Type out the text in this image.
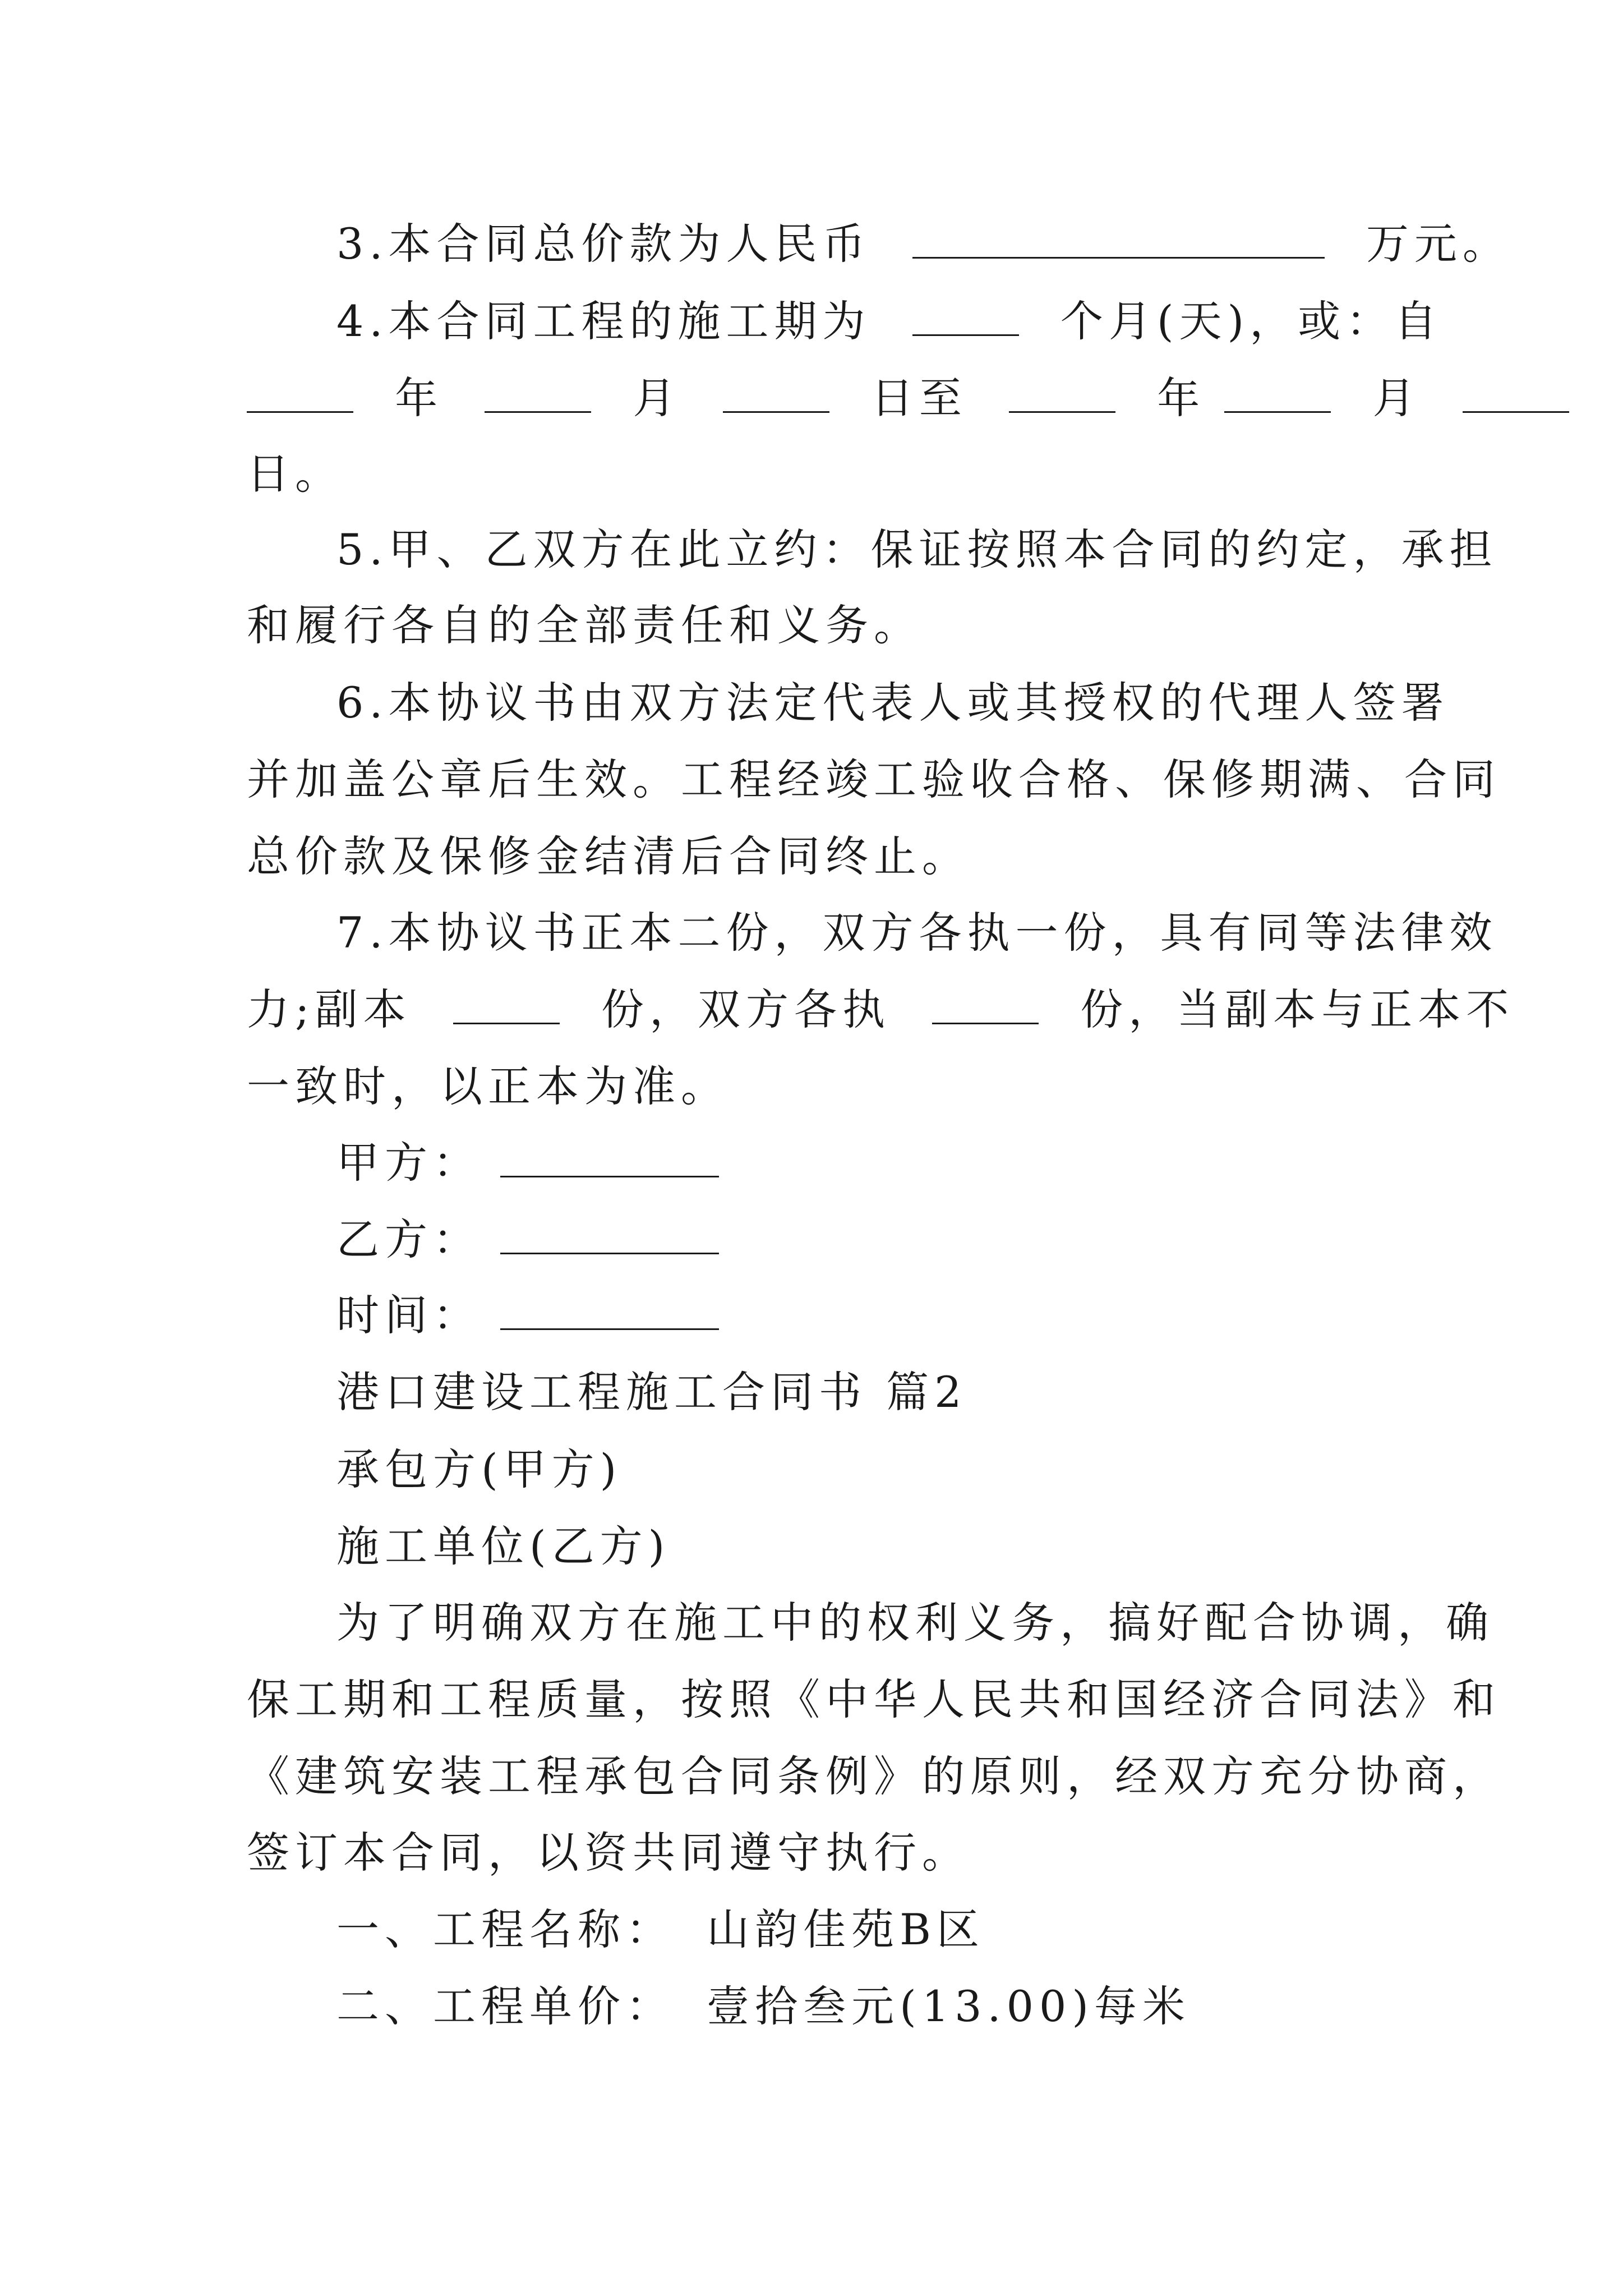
3.本合同总价款为人民币	万元。
4.本合同工程的施工期为	个月(天)，或：自
年	月	日至	年	月
日。
5.甲、乙双方在此立约：保证按照本合同的约定，承担
和履行各自的全部责任和义务。
6.本协议书由双方法定代表人或其授权的代理人签署
并加盖公章后生效。工程经竣工验收合格、保修期满、合同
总价款及保修金结清后合同终止。
7.本协议书正本二份，双方各执一份，具有同等法律效
力;副本	份，双方各执	份，当副本与正本不
一致时，以正本为准。
甲方：
乙方：
时间：
港口建设工程施工合同书 篇2
承包方(甲方)
施工单位(乙方)
为了明确双方在施工中的权利义务，搞好配合协调，确
保工期和工程质量，按照《中华人民共和国经济合同法》和
《建筑安装工程承包合同条例》的原则，经双方充分协商，
签订本合同，以资共同遵守执行。
一、工程名称： 山韵佳苑B区
二、工程单价： 壹拾叁元(13.00)每米
